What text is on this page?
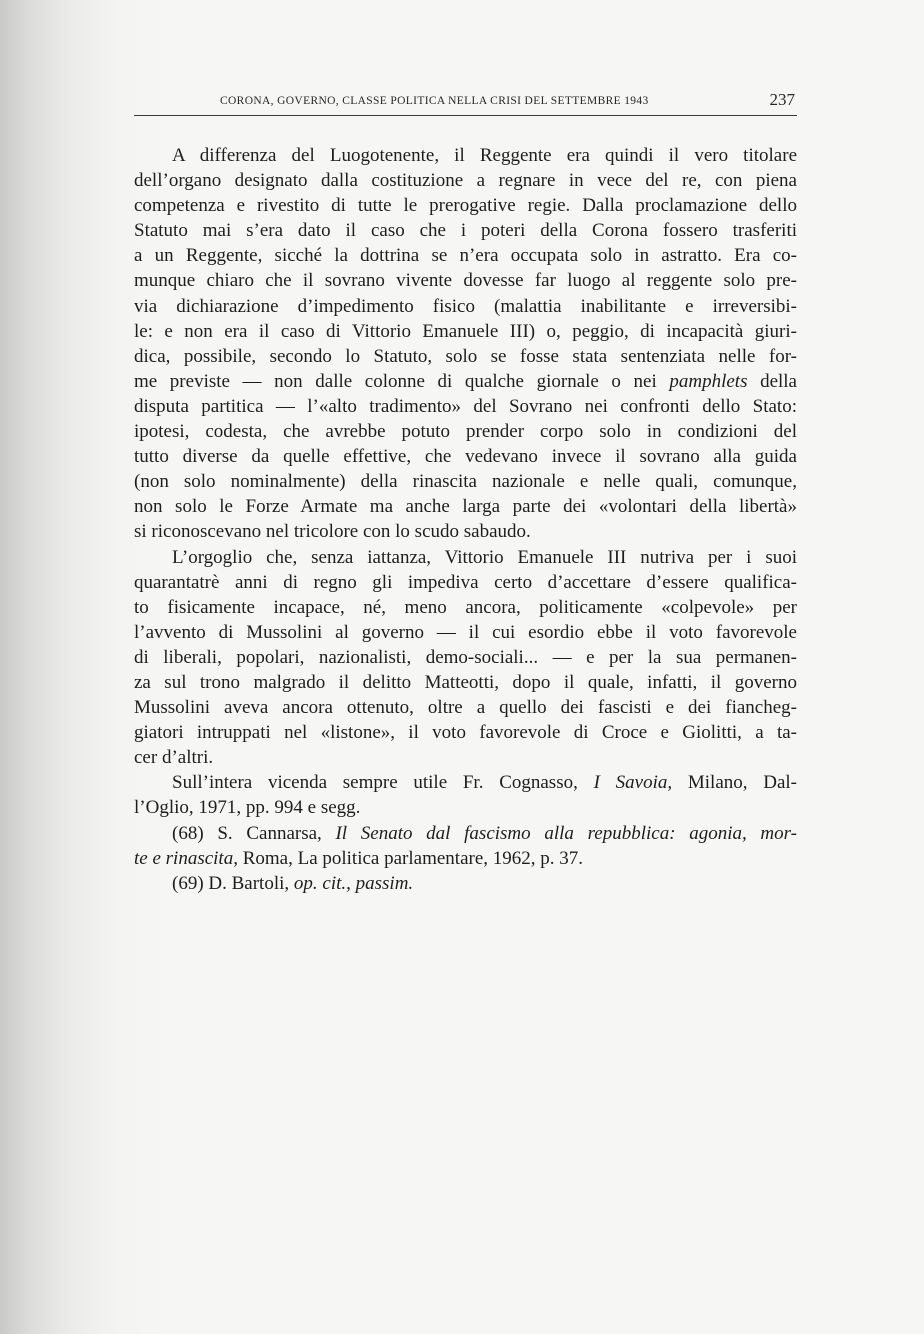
CORONA, GOVERNO, CLASSE POLITICA NELLA CRISI DEL SETTEMBRE 1943	237
A differenza del Luogotenente, il Reggente era quindi il vero titolare
dell’organo designato dalla costituzione a regnare in vece del re, con piena
competenza e rivestito di tutte le prerogative regie. Dalla proclamazione dello
Statuto mai s’era dato il caso che i poteri della Corona fossero trasferiti
a un Reggente, sicché la dottrina se n’era occupata solo in astratto. Era co-
munque chiaro che il sovrano vivente dovesse far luogo al reggente solo pre-
via dichiarazione d’impedimento fisico (malattia inabilitante e irreversibi-
le: e non era il caso di Vittorio Emanuele III) o, peggio, di incapacità giuri-
dica, possibile, secondo lo Statuto, solo se fosse stata sentenziata nelle for-
me previste — non dalle colonne di qualche giornale o nei pamphlets della
disputa partitica — l’«alto tradimento» del Sovrano nei confronti dello Stato:
ipotesi, codesta, che avrebbe potuto prender corpo solo in condizioni del
tutto diverse da quelle effettive, che vedevano invece il sovrano alla guida
(non solo nominalmente) della rinascita nazionale e nelle quali, comunque,
non solo le Forze Armate ma anche larga parte dei «volontari della libertà»
si riconoscevano nel tricolore con lo scudo sabaudo.
L’orgoglio che, senza iattanza, Vittorio Emanuele III nutriva per i suoi
quarantatrè anni di regno gli impediva certo d’accettare d’essere qualifica-
to fisicamente incapace, né, meno ancora, politicamente «colpevole» per
l’avvento di Mussolini al governo — il cui esordio ebbe il voto favorevole
di liberali, popolari, nazionalisti, demo-sociali... — e per la sua permanen-
za sul trono malgrado il delitto Matteotti, dopo il quale, infatti, il governo
Mussolini aveva ancora ottenuto, oltre a quello dei fascisti e dei fiancheg-
giatori intruppati nel «listone», il voto favorevole di Croce e Giolitti, a ta-
cer d’altri.
Sull’intera vicenda sempre utile Fr. Cognasso, I Savoia, Milano, Dal-
l’Oglio, 1971, pp. 994 e segg.
(68) S. Cannarsa, Il Senato dal fascismo alla repubblica: agonia, mor-
te e rinascita, Roma, La politica parlamentare, 1962, p. 37.
(69) D. Bartoli, op. cit., passim.
